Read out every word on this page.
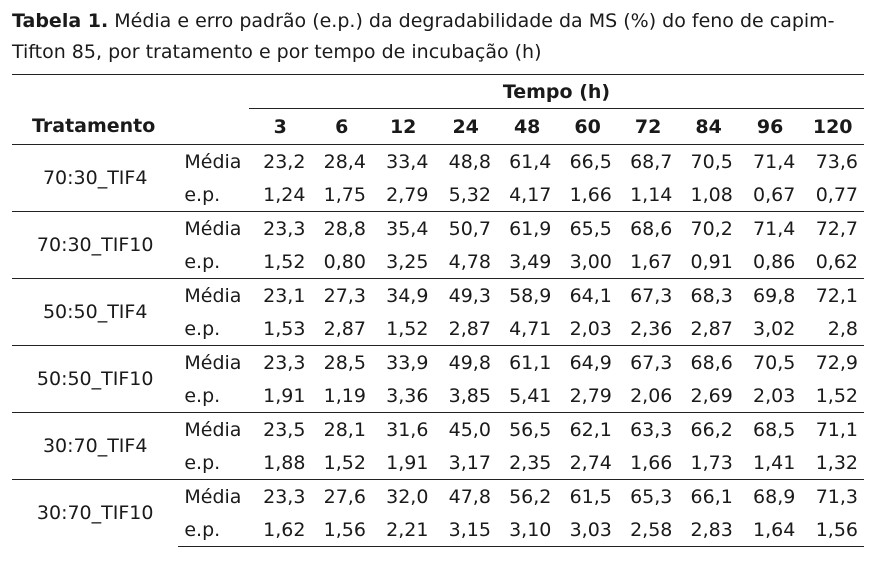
Tabela 1. Média e erro padrão (e.p.) da degradabilidade da MS (%) do feno de capim-Tifton 85, por tratamento e por tempo de incubação (h)
		Tempo (h)									
Tratamento		3	6	12	24	48	60	72	84	96	120
70:30_TIF4	Média	23,2	28,4	33,4	48,8	61,4	66,5	68,7	70,5	71,4	73,6
	e.p.	1,24	1,75	2,79	5,32	4,17	1,66	1,14	1,08	0,67	0,77
70:30_TIF10	Média	23,3	28,8	35,4	50,7	61,9	65,5	68,6	70,2	71,4	72,7
	e.p.	1,52	0,80	3,25	4,78	3,49	3,00	1,67	0,91	0,86	0,62
50:50_TIF4	Média	23,1	27,3	34,9	49,3	58,9	64,1	67,3	68,3	69,8	72,1
	e.p.	1,53	2,87	1,52	2,87	4,71	2,03	2,36	2,87	3,02	2,8
50:50_TIF10	Média	23,3	28,5	33,9	49,8	61,1	64,9	67,3	68,6	70,5	72,9
	e.p.	1,91	1,19	3,36	3,85	5,41	2,79	2,06	2,69	2,03	1,52
30:70_TIF4	Média	23,5	28,1	31,6	45,0	56,5	62,1	63,3	66,2	68,5	71,1
	e.p.	1,88	1,52	1,91	3,17	2,35	2,74	1,66	1,73	1,41	1,32
30:70_TIF10	Média	23,3	27,6	32,0	47,8	56,2	61,5	65,3	66,1	68,9	71,3
	e.p.	1,62	1,56	2,21	3,15	3,10	3,03	2,58	2,83	1,64	1,56
